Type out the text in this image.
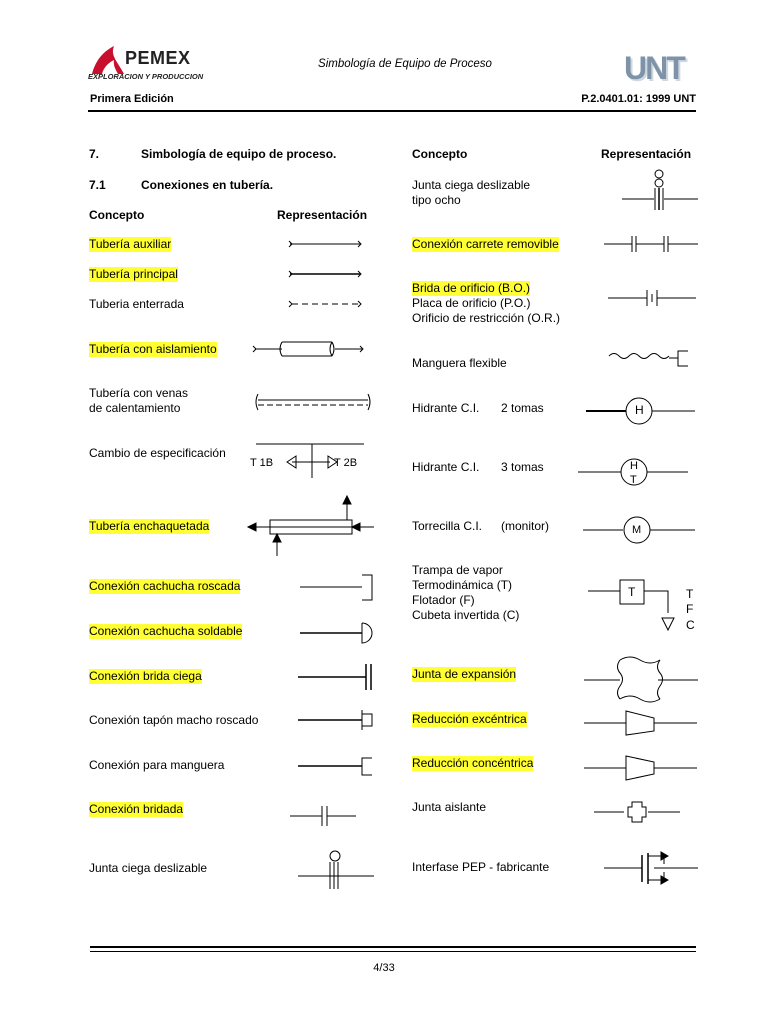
PEMEX
EXPLORACION Y PRODUCCION
Simbología de Equipo de Proceso	UNT
Primera Edición	P.2.0401.01: 1999 UNT
7.	Simbología de equipo de proceso.
7.1	Conexiones en tubería.
Concepto	Representación
Tubería auxiliar
Tubería principal
Tuberia enterrada
Tubería con aislamiento
Tubería con venas
de calentamiento
Cambio de especificación
Tubería enchaquetada
Conexión cachucha roscada
Conexión cachucha soldable
Conexión brida ciega
Conexión tapón macho roscado
Conexión para manguera
Conexión bridada
Junta ciega deslizable
Concepto	Representación
Junta ciega deslizable
tipo ocho
Conexión carrete removible
Brida de orificio (B.O.)
Placa de orificio (P.O.)
Orificio de restricción (O.R.)
Manguera flexible
Hidrante C.I. 2 tomas
Hidrante C.I. 3 tomas
Torrecilla C.I. (monitor)
Trampa de vapor
Termodinámica (T)
Flotador (F)
Cubeta invertida (C)
Junta de expansión
Reducción excéntrica
Reducción concéntrica
Junta aislante
Interfase PEP - fabricante
T 1B	T 2B
H
H
T
M
T	T
F
C
4/33
